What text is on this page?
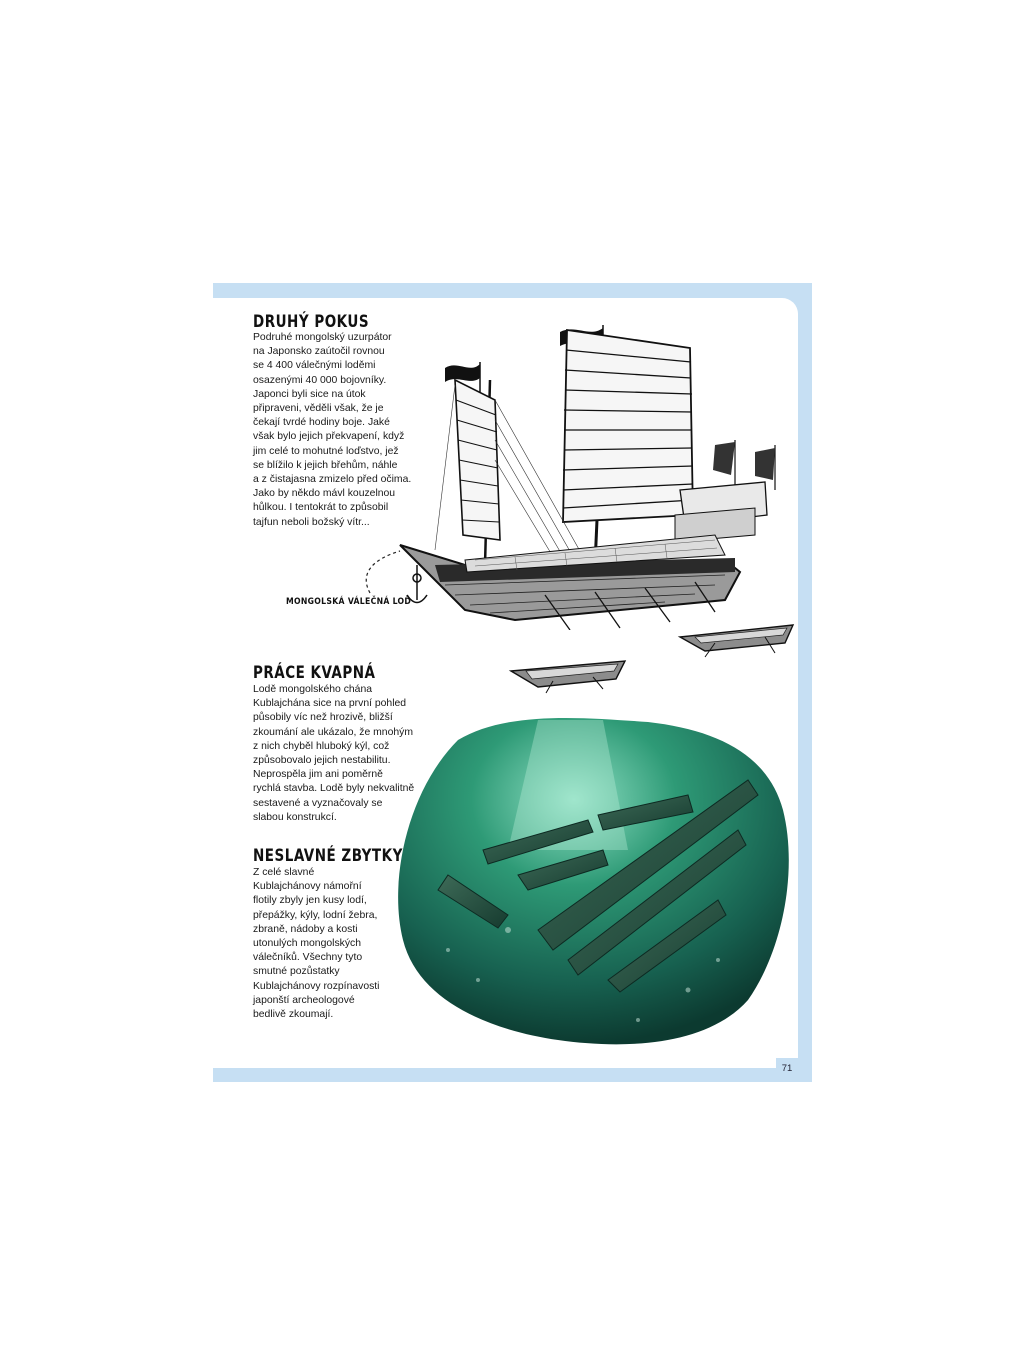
DRUHÝ POKUS
Podruhé mongolský uzurpátor
na Japonsko zaútočil rovnou
se 4 400 válečnými loděmi
osazenými 40 000 bojovníky.
Japonci byli sice na útok
připraveni, věděli však, že je
čekají tvrdé hodiny boje. Jaké
však bylo jejich překvapení, když
jim celé to mohutné loďstvo, jež
se blížilo k jejich břehům, náhle
a z čistajasna zmizelo před očima.
Jako by někdo mávl kouzelnou
hůlkou. I tentokrát to způsobil
tajfun neboli božský vítr...
PRÁCE KVAPNÁ
Lodě mongolského chána
Kublajchána sice na první pohled
působily víc než hrozivě, bližší
zkoumání ale ukázalo, že mnohým
z nich chyběl hluboký kýl, což
způsobovalo jejich nestabilitu.
Neprospěla jim ani poměrně
rychlá stavba. Lodě byly nekvalitně
sestavené a vyznačovaly se
slabou konstrukcí.
NESLAVNÉ ZBYTKY
Z celé slavné
Kublajchánovy námořní
flotily zbyly jen kusy lodí,
přepážky, kýly, lodní žebra,
zbraně, nádoby a kosti
utonulých mongolských
válečníků. Všechny tyto
smutné pozůstatky
Kublajchánovy rozpínavosti
japonští archeologové
bedlivě zkoumají.
MONGOLSKÁ VÁLEČNÁ LOĎ
71
